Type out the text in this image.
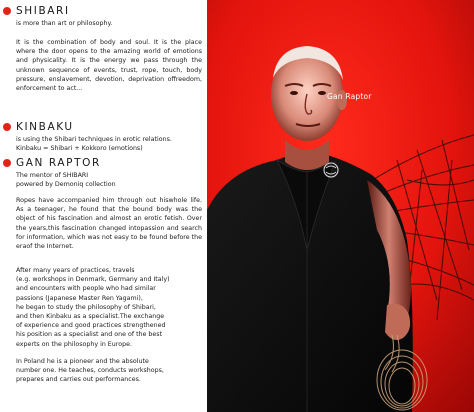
SHIBARI

is more than art or philosophy.

It is the combination of body and soul. It is the place where the door opens to the amazing world of emotions and physicality. It is the energy we pass through the unknown sequence of events, trust, rope, touch, body pressure, enslavement, devotion, deprivation offreedom, enforcement to act...

KINBAKU

is using the Shibari techniques in erotic relations.

Kinbaku = Shibari + Kokkoro (emotions)

GAN RAPTOR

The mentor of SHIBARI

powered by Demoniq collection

Ropes have accompanied him through out hiswhole life. As a teenager, he found that the bound body was the object of his fascination and almost an erotic fetish. Over the years,this fascination changed intopassion and search for information, which was not easy to be found before the eraof the Internet.

After many years of practices, travels

(e.g. workshops in Denmark, Germany and Italy)

and encounters with people who had similar

passions (Japanese Master Ren Yagami),

he began to study the philosophy of Shibari,

and then Kinbaku as a specialist.The exchange

of experience and good practices strengthened

his position as a specialist and one of the best

experts on the philosophy in Europe.

In Poland he is a pioneer and the absolute

number one. He teaches, conducts workshops,

prepares and carries out performances.

Gan Raptor
